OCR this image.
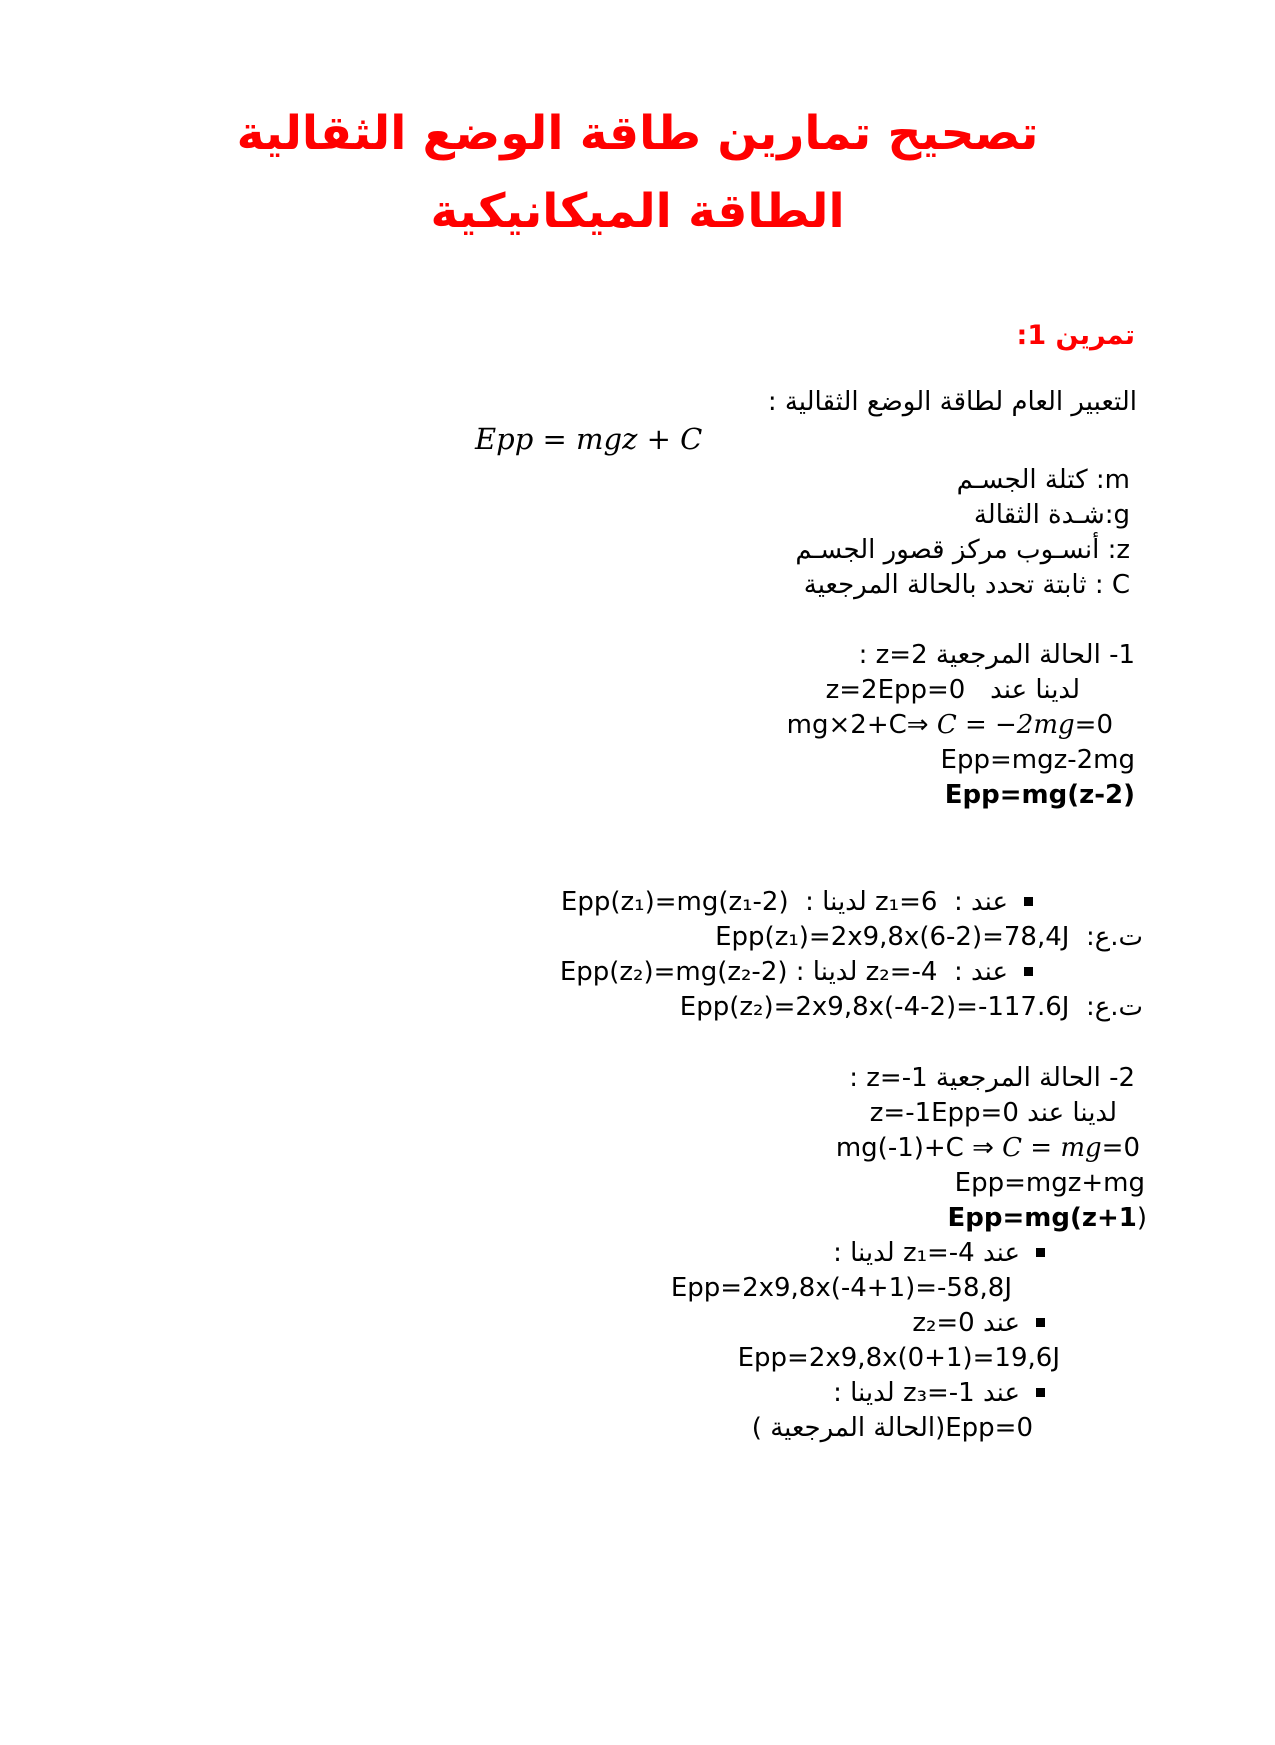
تصحيح تمارين طاقة الوضع الثقالية
الطاقة الميكانيكية
تمرين 1:

التعبير العام لطاقة الوضع الثقالية :

Epp = mgz + C

m: كتلة الجسـم

g:شـدة الثقالة

z: أنسـوب مركز قصور الجسـم

C : ثابتة تحدد بالحالة المرجعية

1- الحالة المرجعية z=2 :

لدينا عند   z=2Epp=0

0=mg×2+C⇒ C = −2mg

Epp=mgz-2mg

Epp=mg(z-2)

عند :  z₁=6 لدينا :  Epp(z₁)=mg(z₁-2)

ت.ع:  Epp(z₁)=2x9,8x(6-2)=78,4J

عند :  z₂=-4 لدينا : Epp(z₂)=mg(z₂-2)

ت.ع:  Epp(z₂)=2x9,8x(-4-2)=-117.6J

2- الحالة المرجعية z=-1 :

لدينا عند z=-1Epp=0

0=mg(-1)+C ⇒ C = mg

Epp=mgz+mg

Epp=mg(z+1)

عند z₁=-4 لدينا :

Epp=2x9,8x(-4+1)=-58,8J

عند z₂=0

Epp=2x9,8x(0+1)=19,6J

عند z₃=-1 لدينا :

Epp=0(الحالة المرجعية )
